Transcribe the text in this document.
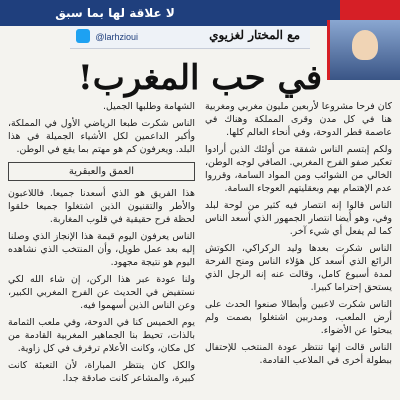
لا علاقة لها بما سبق
مع المختار لغزيوي
@larhzioui
في حب المغرب!

كان فرحا مشروعا لأربعين مليون مغربي ومغربية هنا في كل مدن وقرى المملكة وهناك في عاصمة قطر الدوحة، وفي أنحاء العالم كلها.

ولكم إبتسم الناس شفقة من أولئك الذين أرادوا تعكير صفو الفرح المغربي. الصافي لوجه الوطن، الخالي من الشوائب ومن المواد السامة، وقرروا عدم الإهتمام بهم وبعقليتهم العوجاء السامة.

الناس قالوا إنه انتصار فيه كثير من لوحة لبلد وفي، وهو أيضا انتصار الجمهور الذي أسعد الناس كما لم يفعل أي شيء آخر.

الناس شكرت بعدها وليد الركراكي، الكوتش الرائع الذي أسعد كل هؤلاء الناس ومنح الفرحة لمدة أسبوع كامل، وقالت عنه إنه الرجل الذي يستحق إحتراما كبيرا.

الناس شكرت لاعبين وأبطالا صنعوا الحدث على أرض الملعب، ومدربين اشتغلوا بصمت ولم يبحثوا عن الأضواء.

الناس قالت إنها تنتظر عودة المنتخب للإحتفال ببطولة أخرى في الملاعب القادمة.

الشهامة وطلبها الجميل.

الناس شكرت طبعا الرياضي الأول في المملكة، وأكبر الداعمين لكل الأشياء الجميلة في هذا البلد. ويعرفون كم هو مهتم بما يقع في الوطن.

العمق والعبقرية

هذا الفريق هو الذي أسعدنا جميعا. فاللاعبون والأطر والتقنيون الذين اشتغلوا جميعا خلقوا لحظة فرح حقيقية في قلوب المغاربة.

الناس يعرفون اليوم قيمة هذا الإنجاز الذي وصلنا إليه بعد عمل طويل، وأن المنتخب الذي نشاهده اليوم هو نتيجة مجهود.

ولنا عودة عبر هذا الركن، إن شاء الله لكي نستفيض في الحديث عن الفرح المغربي الكبير، وعن الناس الذين أسهموا فيه.

يوم الخميس كنا في الدوحة، وفي ملعب الثمامة بالذات، تحيط بنا الجماهير المغربية القادمة من كل مكان، وكانت الأعلام ترفرف في كل زاوية.

والكل كان ينتظر المباراة، لأن التعبئة كانت كبيرة، والمشاعر كانت صادقة جدا.
